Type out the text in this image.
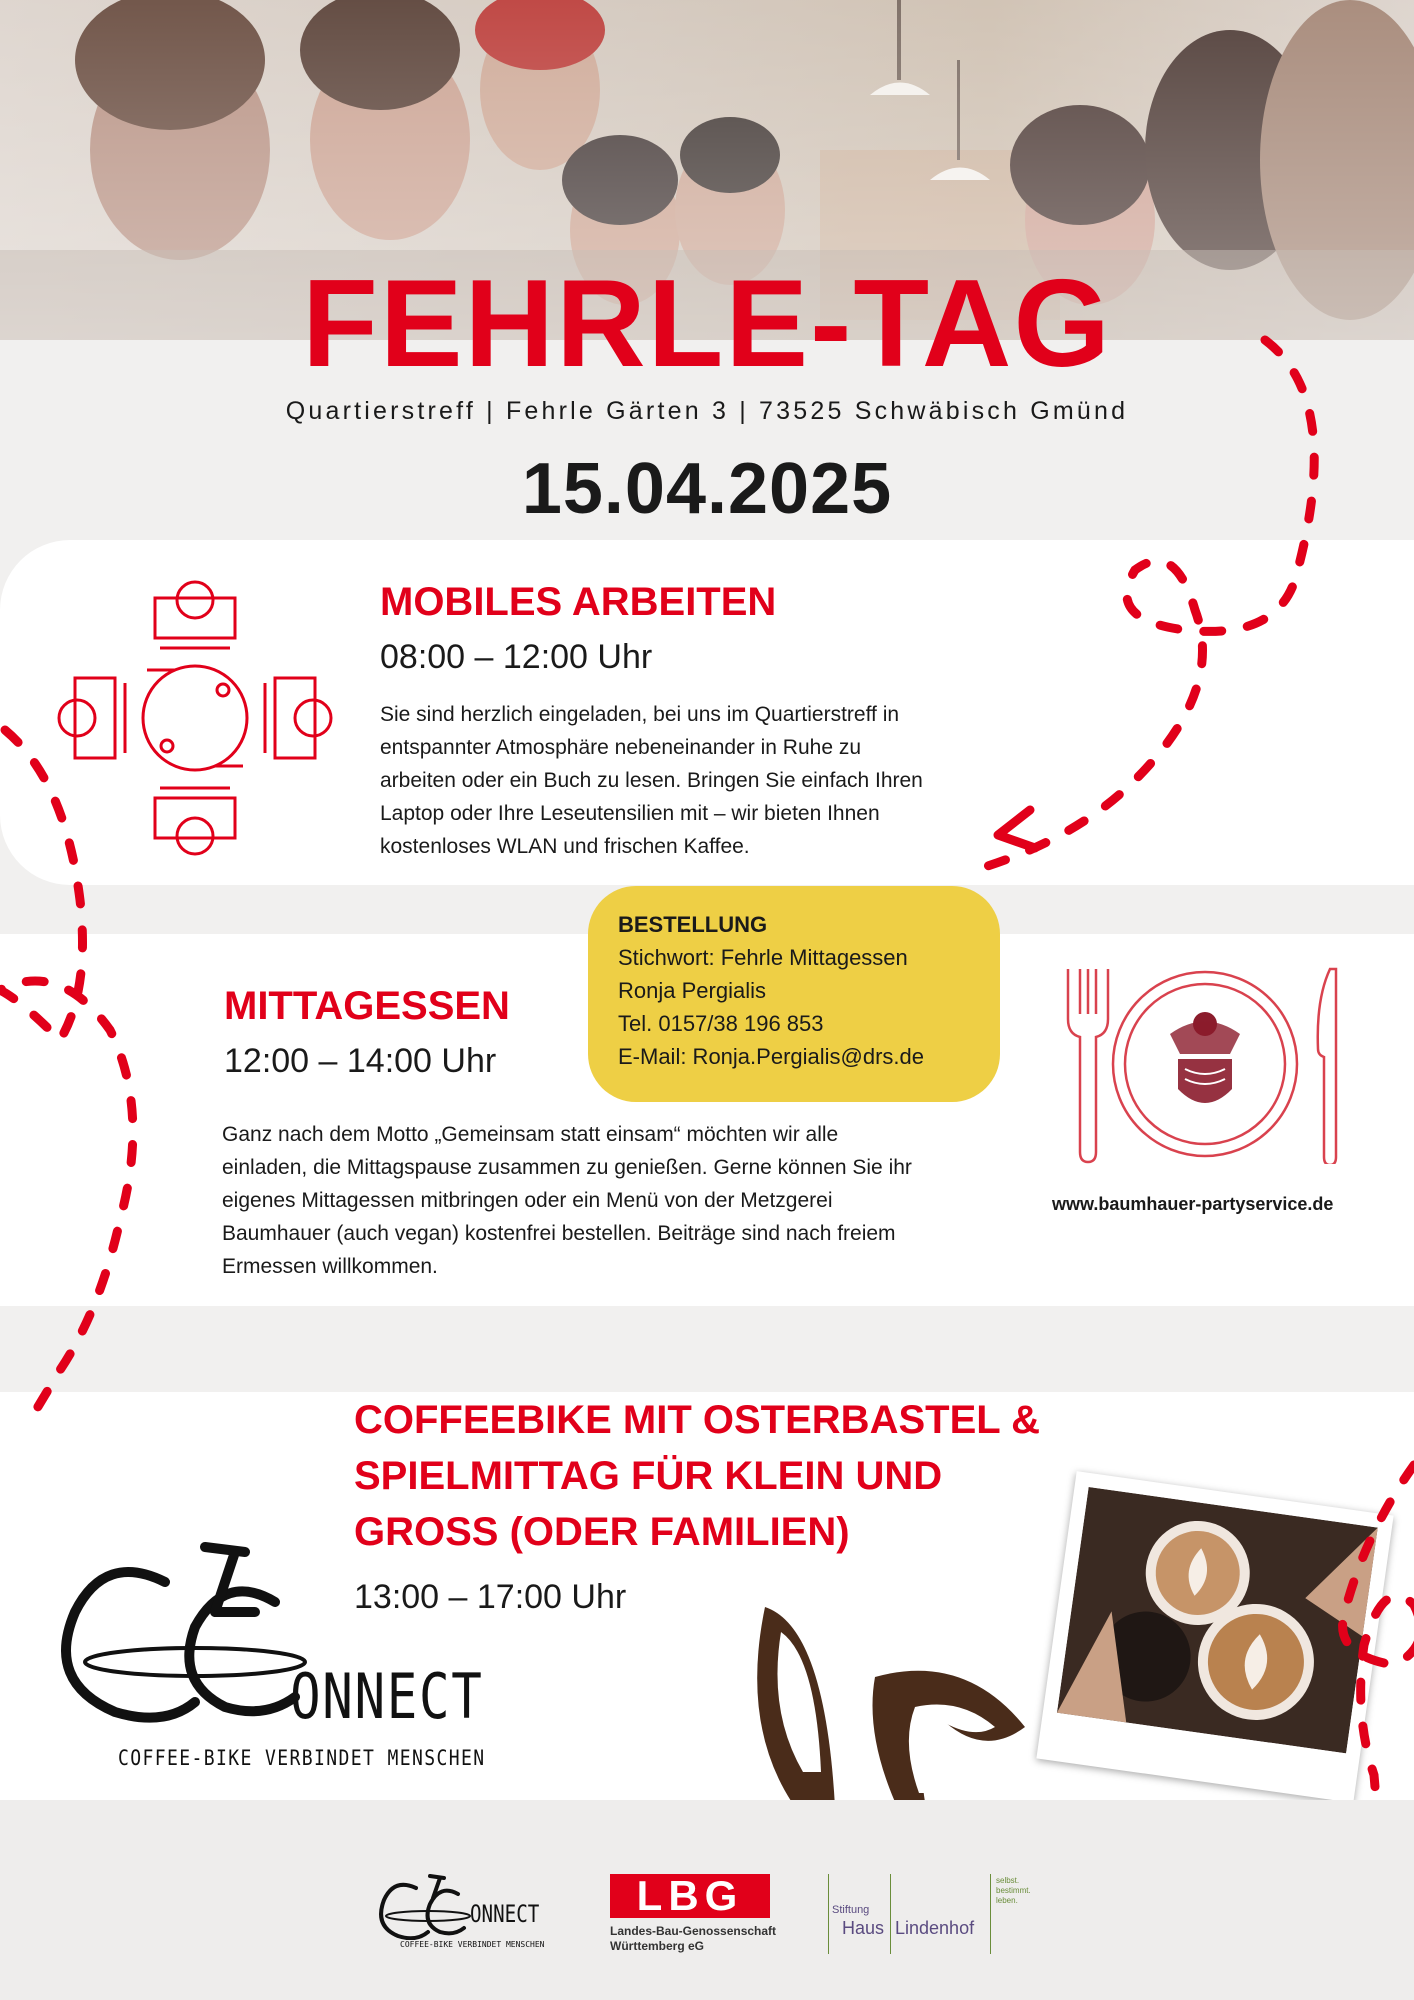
FEHRLE-TAG
Quartierstreff | Fehrle Gärten 3 | 73525 Schwäbisch Gmünd
15.04.2025
MOBILES ARBEITEN
08:00 – 12:00 Uhr
Sie sind herzlich eingeladen, bei uns im Quartierstreff in
entspannter Atmosphäre nebeneinander in Ruhe zu
arbeiten oder ein Buch zu lesen. Bringen Sie einfach Ihren
Laptop oder Ihre Leseutensilien mit – wir bieten Ihnen
kostenloses WLAN und frischen Kaffee.
MITTAGESSEN
12:00 – 14:00 Uhr
Ganz nach dem Motto „Gemeinsam statt einsam“ möchten wir alle
einladen, die Mittagspause zusammen zu genießen. Gerne können Sie ihr
eigenes Mittagessen mitbringen oder ein Menü von der Metzgerei
Baumhauer (auch vegan) kostenfrei bestellen. Beiträge sind nach freiem
Ermessen willkommen.
BESTELLUNG
Stichwort: Fehrle Mittagessen
Ronja Pergialis
Tel. 0157/38 196 853
E-Mail: Ronja.Pergialis@drs.de
www.baumhauer-partyservice.de
COFFEEBIKE MIT OSTERBASTEL &
SPIELMITTAG FÜR KLEIN UND
GROSS (ODER FAMILIEN)
13:00 – 17:00 Uhr
ONNECT
COFFEE-BIKE VERBINDET MENSCHEN
ONNECT
COFFEE-BIKE VERBINDET MENSCHEN
LBG
Landes-Bau-Genossenschaft
Württemberg eG
Stiftung
Haus Lindenhof
selbst.
bestimmt.
leben.
